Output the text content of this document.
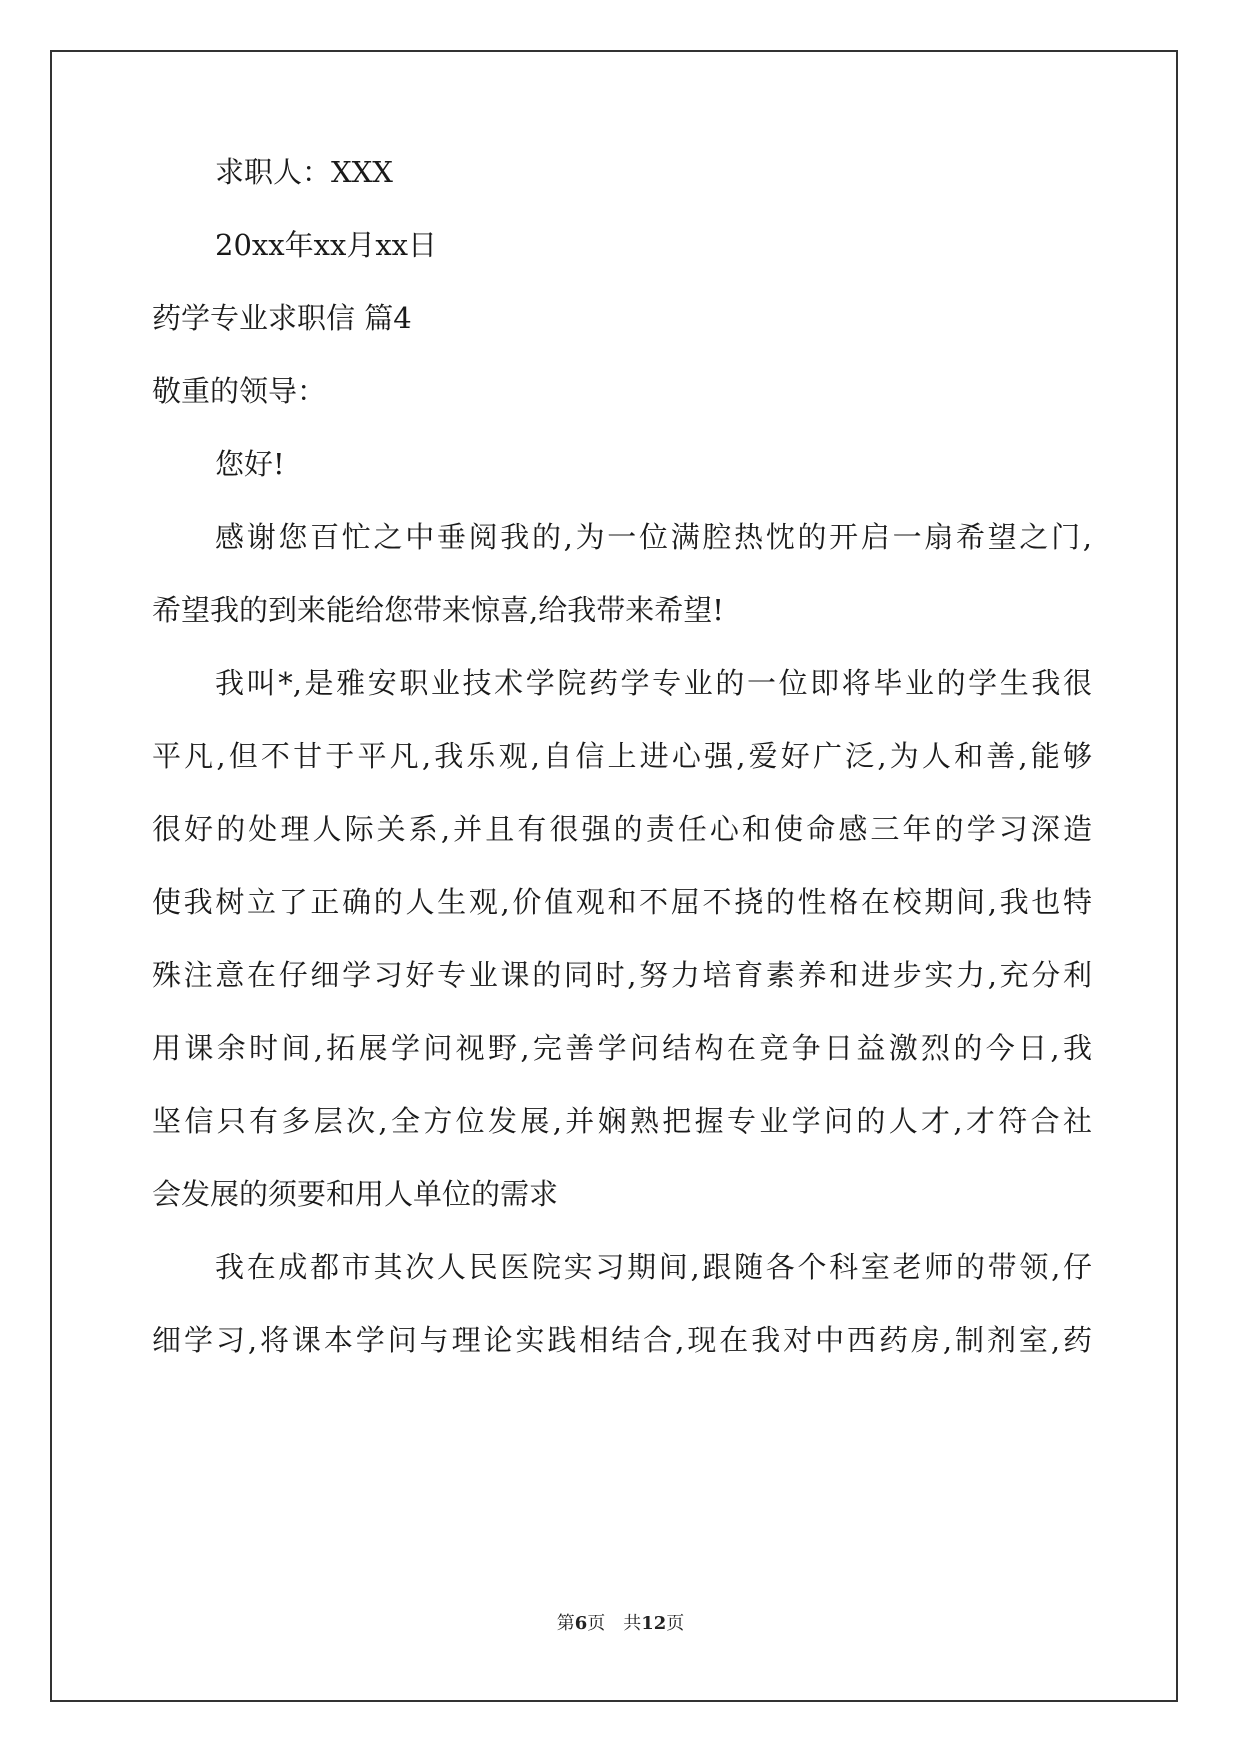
求职人：XXX
20xx年xx月xx日
药学专业求职信 篇4
敬重的领导：
您好!
感谢您百忙之中垂阅我的,为一位满腔热忱的开启一扇希望之门,
希望我的到来能给您带来惊喜,给我带来希望!
我叫*,是雅安职业技术学院药学专业的一位即将毕业的学生我很
平凡,但不甘于平凡,我乐观,自信上进心强,爱好广泛,为人和善,能够
很好的处理人际关系,并且有很强的责任心和使命感三年的学习深造
使我树立了正确的人生观,价值观和不屈不挠的性格在校期间,我也特
殊注意在仔细学习好专业课的同时,努力培育素养和进步实力,充分利
用课余时间,拓展学问视野,完善学问结构在竞争日益激烈的今日,我
坚信只有多层次,全方位发展,并娴熟把握专业学问的人才,才符合社
会发展的须要和用人单位的需求
我在成都市其次人民医院实习期间,跟随各个科室老师的带领,仔
细学习,将课本学问与理论实践相结合,现在我对中西药房,制剂室,药
第6页 共12页
